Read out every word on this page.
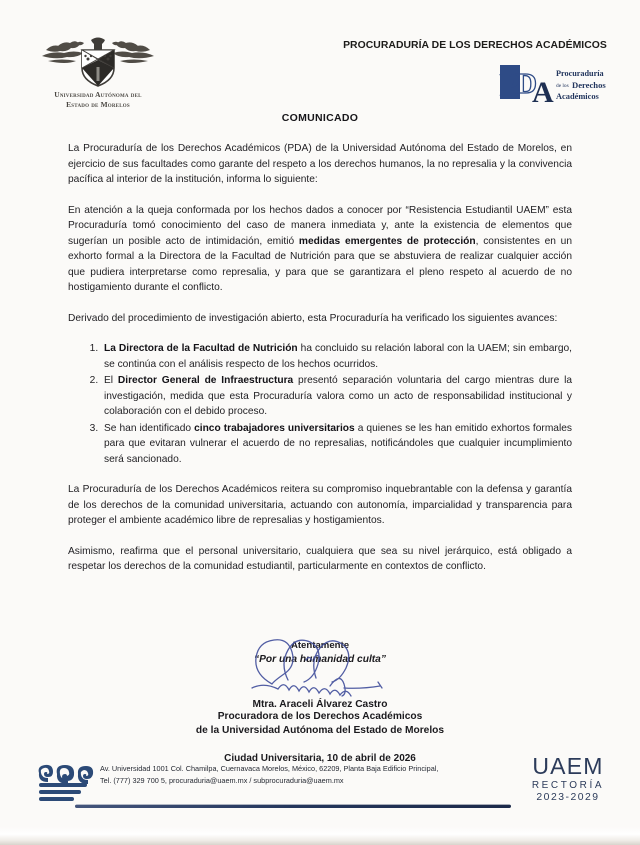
Universidad Autónoma del
Estado de Morelos
PROCURADURÍA DE LOS DERECHOS ACADÉMICOS
P
D
A
Procuraduría
de los Derechos
Académicos
COMUNICADO

La Procuraduría de los Derechos Académicos (PDA) de la Universidad Autónoma del Estado de Morelos, en ejercicio de sus facultades como garante del respeto a los derechos humanos, la no represalia y la convivencia pacífica al interior de la institución, informa lo siguiente:

En atención a la queja conformada por los hechos dados a conocer por “Resistencia Estudiantil UAEM” esta Procuraduría tomó conocimiento del caso de manera inmediata y, ante la existencia de elementos que sugerían un posible acto de intimidación, emitió medidas emergentes de protección, consistentes en un exhorto formal a la Directora de la Facultad de Nutrición para que se abstuviera de realizar cualquier acción que pudiera interpretarse como represalia, y para que se garantizara el pleno respeto al acuerdo de no hostigamiento durante el conflicto.

Derivado del procedimiento de investigación abierto, esta Procuraduría ha verificado los siguientes avances:

1. La Directora de la Facultad de Nutrición ha concluido su relación laboral con la UAEM; sin embargo, se continúa con el análisis respecto de los hechos ocurridos.
2. El Director General de Infraestructura presentó separación voluntaria del cargo mientras dure la investigación, medida que esta Procuraduría valora como un acto de responsabilidad institucional y colaboración con el debido proceso.
3. Se han identificado cinco trabajadores universitarios a quienes se les han emitido exhortos formales para que evitaran vulnerar el acuerdo de no represalias, notificándoles que cualquier incumplimiento será sancionado.

La Procuraduría de los Derechos Académicos reitera su compromiso inquebrantable con la defensa y garantía de los derechos de la comunidad universitaria, actuando con autonomía, imparcialidad y transparencia para proteger el ambiente académico libre de represalias y hostigamientos.

Asimismo, reafirma que el personal universitario, cualquiera que sea su nivel jerárquico, está obligado a respetar los derechos de la comunidad estudiantil, particularmente en contextos de conflicto.

Atentamente
“Por una humanidad culta”
Mtra. Araceli Álvarez Castro
Procuradora de los Derechos Académicos
de la Universidad Autónoma del Estado de Morelos
Ciudad Universitaria, 10 de abril de 2026
Av. Universidad 1001 Col. Chamilpa, Cuernavaca Morelos, México, 62209, Planta Baja Edificio Principal,
Tel. (777) 329 700 5, procuraduria@uaem.mx / subprocuraduria@uaem.mx
UAEM
RECTORÍA
2023-2029
